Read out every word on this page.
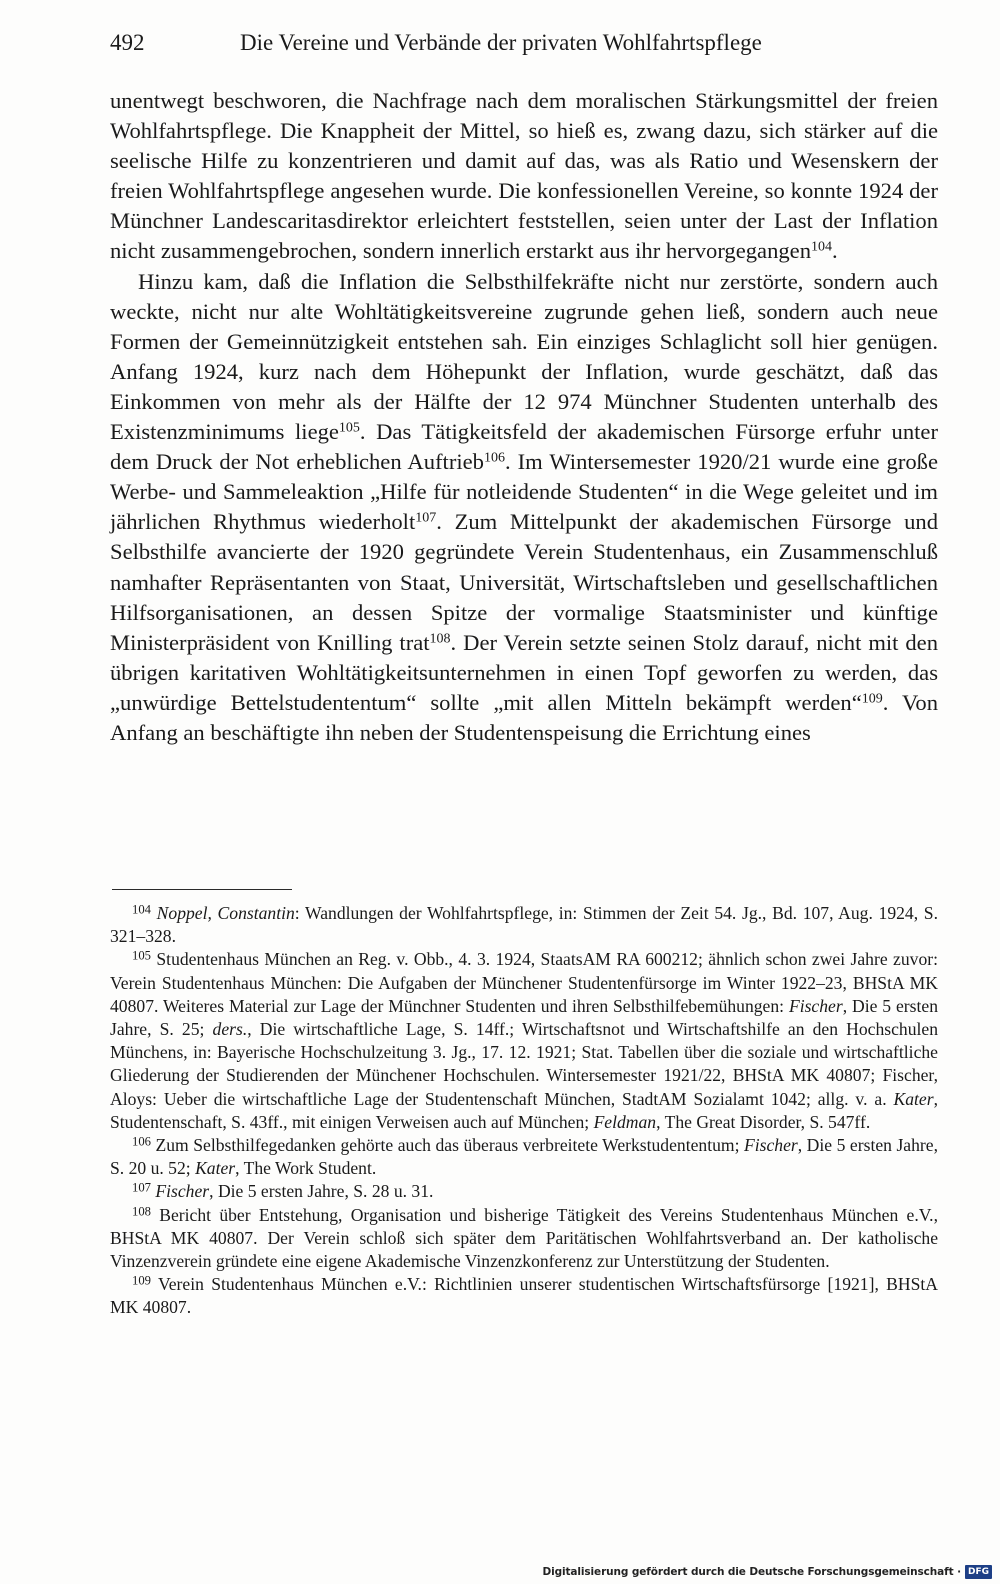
492	Die Vereine und Verbände der privaten Wohlfahrtspflege

unentwegt beschworen, die Nachfrage nach dem moralischen Stärkungsmittel der freien Wohlfahrtspflege. Die Knappheit der Mittel, so hieß es, zwang dazu, sich stärker auf die seelische Hilfe zu konzentrieren und damit auf das, was als Ratio und Wesenskern der freien Wohlfahrtspflege angesehen wurde. Die konfessionellen Vereine, so konnte 1924 der Münchner Landescaritasdirektor erleichtert feststellen, seien unter der Last der Inflation nicht zusammengebrochen, sondern innerlich erstarkt aus ihr hervorgegangen$^{104}$.

Hinzu kam, daß die Inflation die Selbsthilfekräfte nicht nur zerstörte, sondern auch weckte, nicht nur alte Wohltätigkeitsvereine zugrunde gehen ließ, sondern auch neue Formen der Gemeinnützigkeit entstehen sah. Ein einziges Schlaglicht soll hier genügen. Anfang 1924, kurz nach dem Höhepunkt der Inflation, wurde geschätzt, daß das Einkommen von mehr als der Hälfte der 12 974 Münchner Studenten unterhalb des Existenzminimums liege$^{105}$. Das Tätigkeitsfeld der akademischen Fürsorge erfuhr unter dem Druck der Not erheblichen Auftrieb$^{106}$. Im Wintersemester 1920/21 wurde eine große Werbe- und Sammeleaktion „Hilfe für notleidende Studenten“ in die Wege geleitet und im jährlichen Rhythmus wiederholt$^{107}$. Zum Mittelpunkt der akademischen Fürsorge und Selbsthilfe avancierte der 1920 gegründete Verein Studentenhaus, ein Zusammenschluß namhafter Repräsentanten von Staat, Universität, Wirtschaftsleben und gesellschaftlichen Hilfsorganisationen, an dessen Spitze der vormalige Staatsminister und künftige Ministerpräsident von Knilling trat$^{108}$. Der Verein setzte seinen Stolz darauf, nicht mit den übrigen karitativen Wohltätigkeitsunternehmen in einen Topf geworfen zu werden, das „unwürdige Bettelstudententum“ sollte „mit allen Mitteln bekämpft werden“$^{109}$. Von Anfang an beschäftigte ihn neben der Studentenspeisung die Errichtung eines

$^{104}$ Noppel, Constantin: Wandlungen der Wohlfahrtspflege, in: Stimmen der Zeit 54. Jg., Bd. 107, Aug. 1924, S. 321–328.

$^{105}$ Studentenhaus München an Reg. v. Obb., 4. 3. 1924, StaatsAM RA 600212; ähnlich schon zwei Jahre zuvor: Verein Studentenhaus München: Die Aufgaben der Münchener Studentenfürsorge im Winter 1922–23, BHStA MK 40807. Weiteres Material zur Lage der Münchner Studenten und ihren Selbsthilfebemühungen: Fischer, Die 5 ersten Jahre, S. 25; ders., Die wirtschaftliche Lage, S. 14ff.; Wirtschaftsnot und Wirtschaftshilfe an den Hochschulen Münchens, in: Bayerische Hochschulzeitung 3. Jg., 17. 12. 1921; Stat. Tabellen über die soziale und wirtschaftliche Gliederung der Studierenden der Münchener Hochschulen. Wintersemester 1921/22, BHStA MK 40807; Fischer, Aloys: Ueber die wirtschaftliche Lage der Studentenschaft München, StadtAM Sozialamt 1042; allg. v. a. Kater, Studentenschaft, S. 43ff., mit einigen Verweisen auch auf München; Feldman, The Great Disorder, S. 547ff.

$^{106}$ Zum Selbsthilfegedanken gehörte auch das überaus verbreitete Werkstudententum; Fischer, Die 5 ersten Jahre, S. 20 u. 52; Kater, The Work Student.

$^{107}$ Fischer, Die 5 ersten Jahre, S. 28 u. 31.

$^{108}$ Bericht über Entstehung, Organisation und bisherige Tätigkeit des Vereins Studentenhaus München e.V., BHStA MK 40807. Der Verein schloß sich später dem Paritätischen Wohlfahrtsverband an. Der katholische Vinzenzverein gründete eine eigene Akademische Vinzenzkonferenz zur Unterstützung der Studenten.

$^{109}$ Verein Studentenhaus München e.V.: Richtlinien unserer studentischen Wirtschaftsfürsorge [1921], BHStA MK 40807.

Digitalisierung gefördert durch die Deutsche Forschungsgemeinschaft · DFG
